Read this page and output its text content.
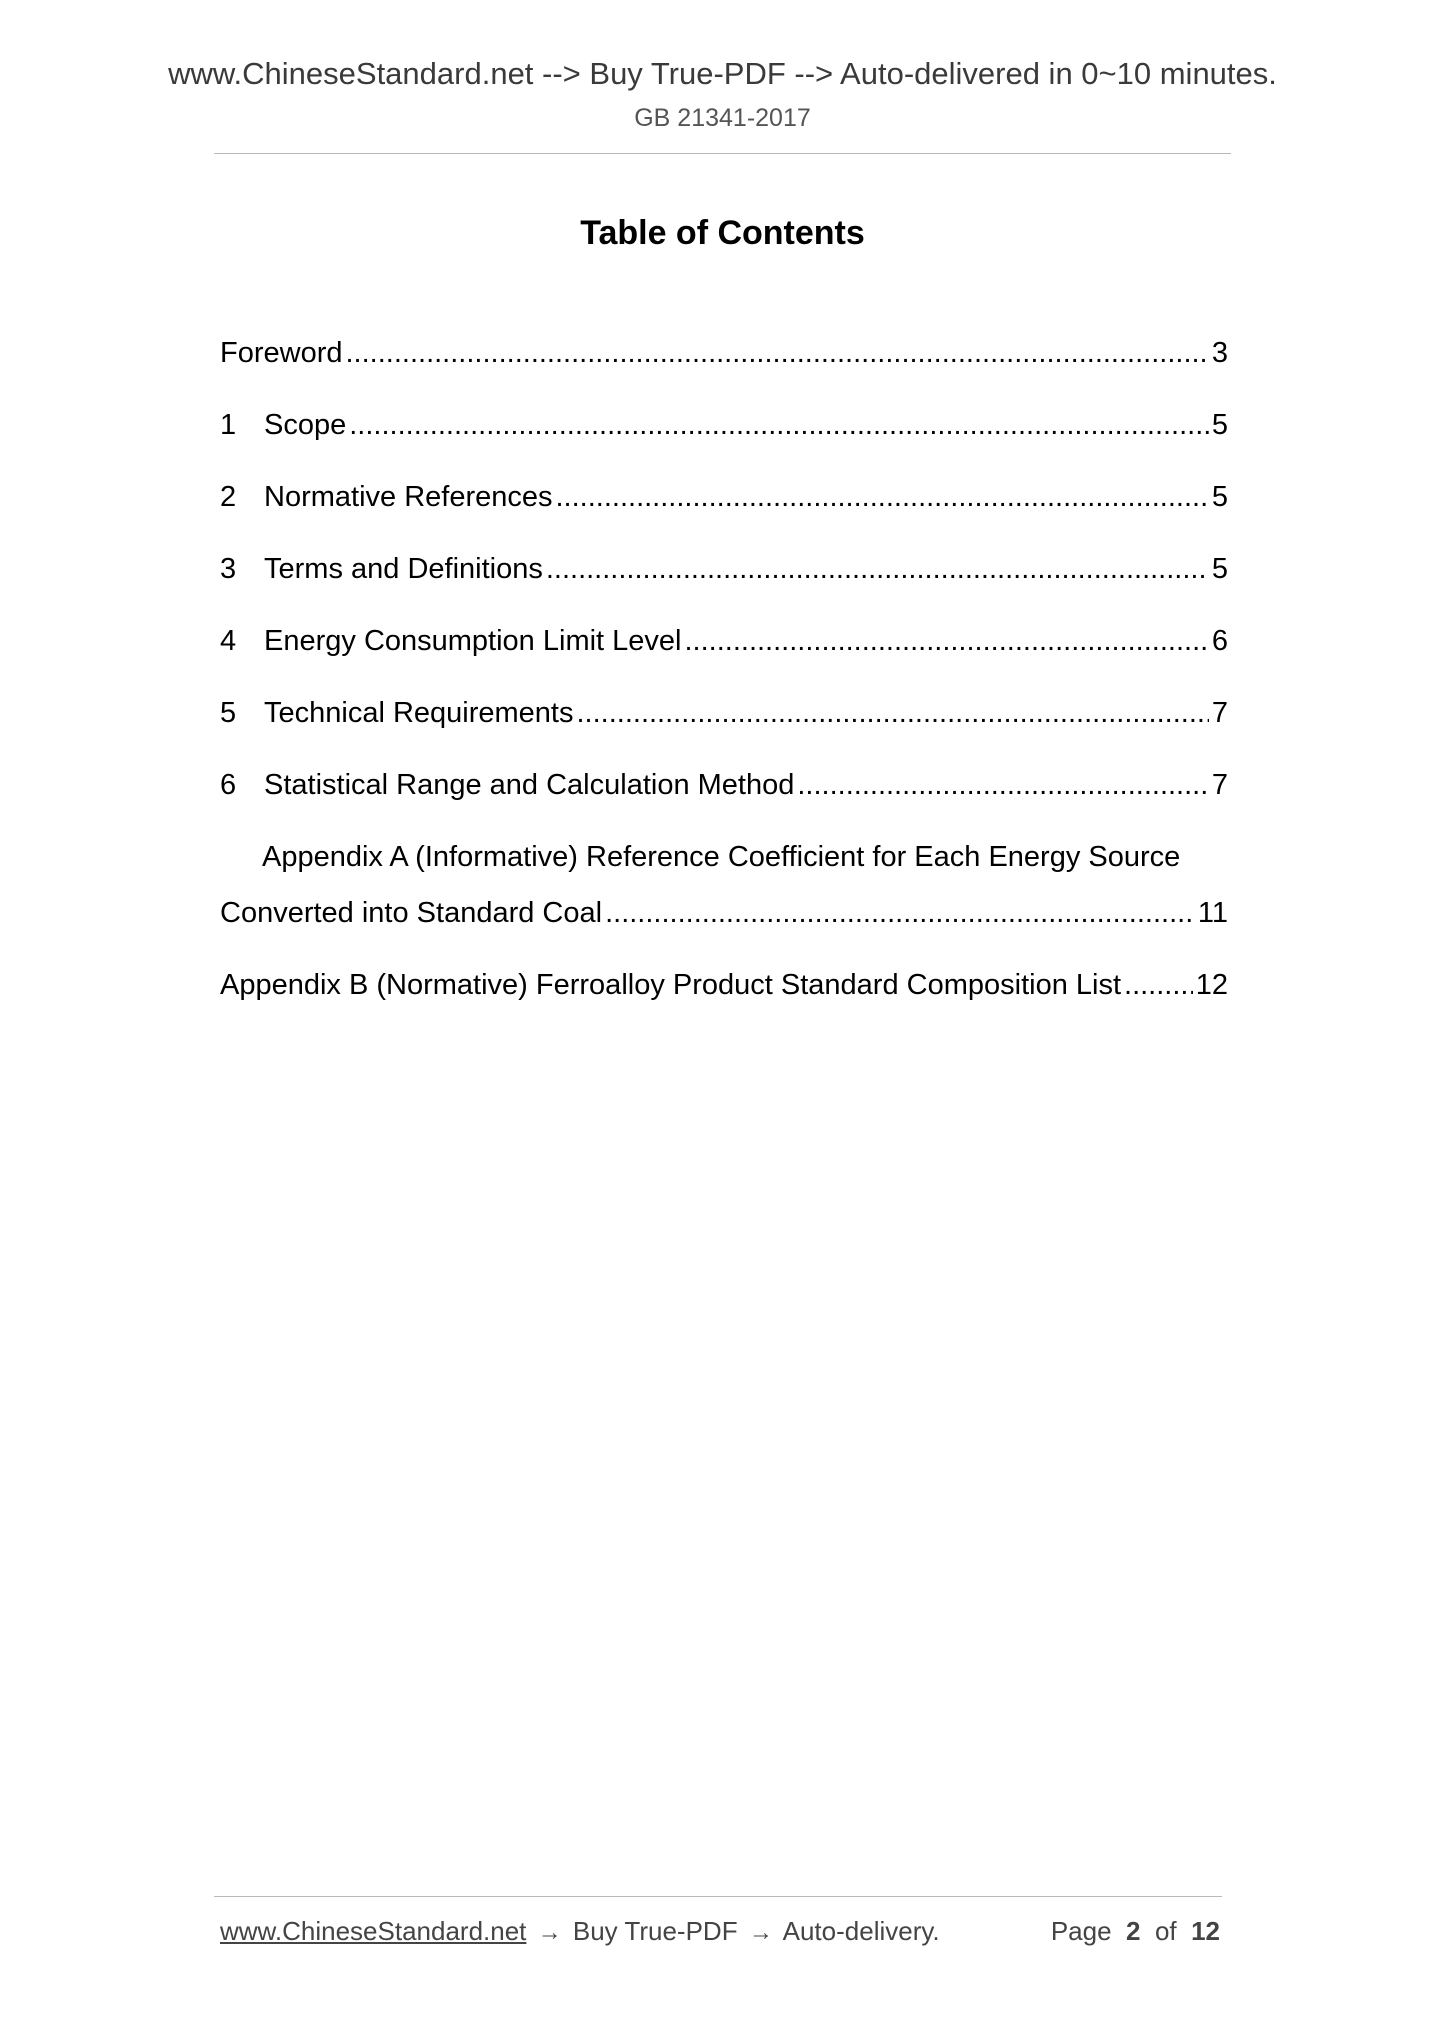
www.ChineseStandard.net --> Buy True-PDF --> Auto-delivered in 0~10 minutes.
GB 21341-2017
Table of Contents
Foreword .....	3
1 Scope .....	5
2 Normative References .....	5
3 Terms and Definitions .....	5
4 Energy Consumption Limit Level .....	6
5 Technical Requirements .....	7
6 Statistical Range and Calculation Method .....	7
Appendix A (Informative) Reference Coefficient for Each Energy Source
Converted into Standard Coal .....	11
Appendix B (Normative) Ferroalloy Product Standard Composition List .....	12
www.ChineseStandard.net → Buy True-PDF → Auto-delivery.	Page 2 of 12
